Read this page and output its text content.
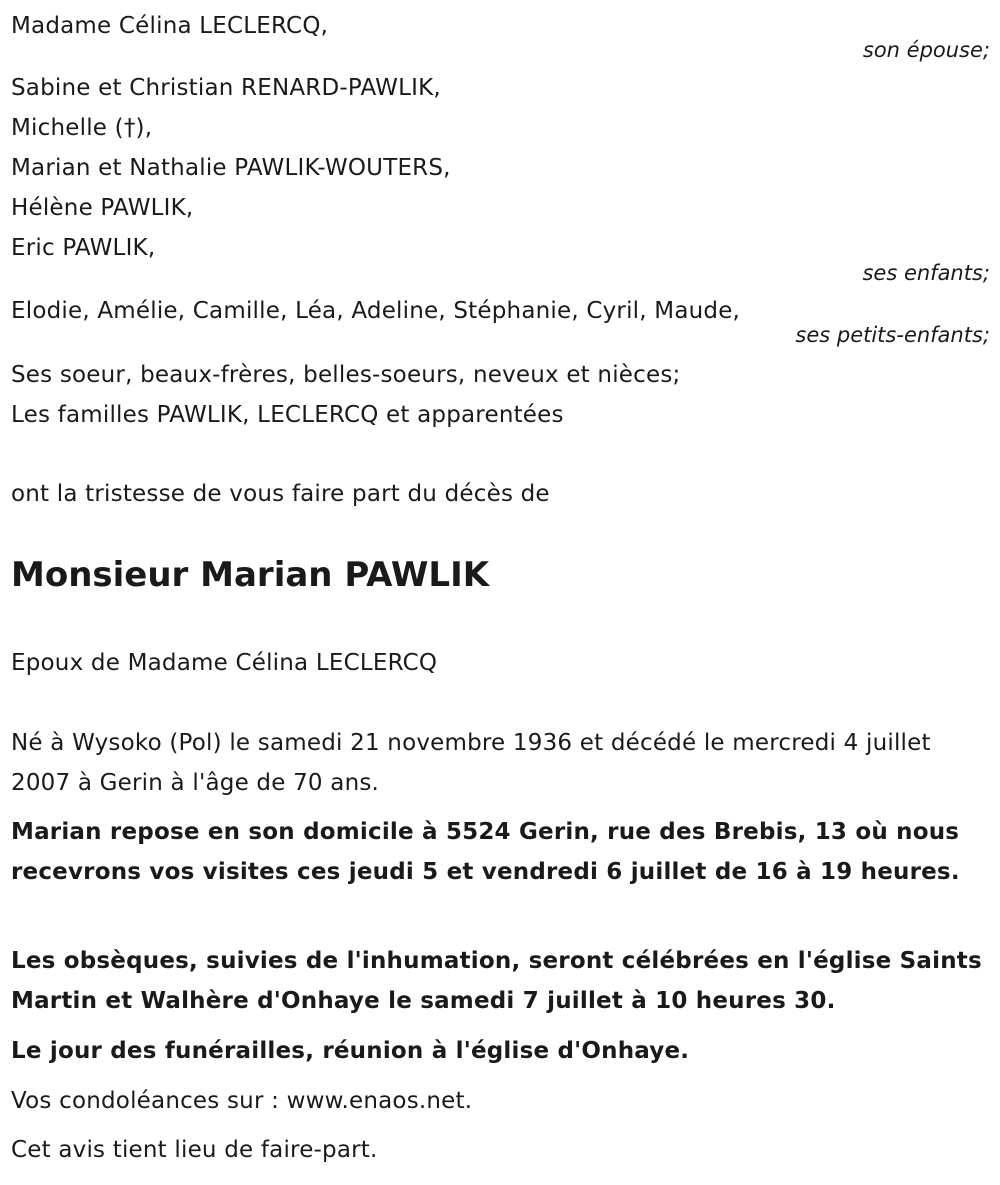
Madame Célina LECLERCQ,
son épouse;
Sabine et Christian RENARD-PAWLIK,
Michelle (†),
Marian et Nathalie PAWLIK-WOUTERS,
Hélène PAWLIK,
Eric PAWLIK,
ses enfants;
Elodie, Amélie, Camille, Léa, Adeline, Stéphanie, Cyril, Maude,
ses petits-enfants;
Ses soeur, beaux-frères, belles-soeurs, neveux et nièces;
Les familles PAWLIK, LECLERCQ et apparentées
ont la tristesse de vous faire part du décès de
Monsieur Marian PAWLIK
Epoux de Madame Célina LECLERCQ
Né à Wysoko (Pol) le samedi 21 novembre 1936 et décédé le mercredi 4 juillet 2007 à Gerin à l'âge de 70 ans.
Marian repose en son domicile à 5524 Gerin, rue des Brebis, 13 où nous recevrons vos visites ces jeudi 5 et vendredi 6 juillet de 16 à 19 heures.
Les obsèques, suivies de l'inhumation, seront célébrées en l'église Saints Martin et Walhère d'Onhaye le samedi 7 juillet à 10 heures 30.
Le jour des funérailles, réunion à l'église d'Onhaye.
Vos condoléances sur : www.enaos.net.
Cet avis tient lieu de faire-part.
